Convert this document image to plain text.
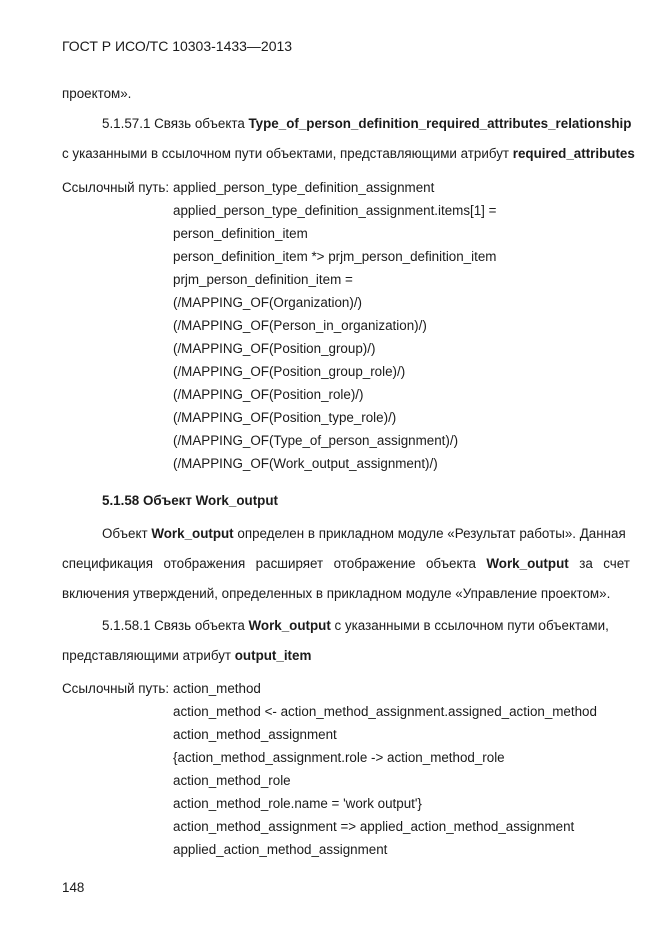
ГОСТ Р ИСО/ТС 10303-1433—2013
проектом».
5.1.57.1 Связь объекта Type_of_person_definition_required_attributes_relationship
с указанными в ссылочном пути объектами, представляющими атрибут required_attributes
Ссылочный путь: applied_person_type_definition_assignment
applied_person_type_definition_assignment.items[1] =
person_definition_item
person_definition_item *> prjm_person_definition_item
prjm_person_definition_item =
(/MAPPING_OF(Organization)/)
(/MAPPING_OF(Person_in_organization)/)
(/MAPPING_OF(Position_group)/)
(/MAPPING_OF(Position_group_role)/)
(/MAPPING_OF(Position_role)/)
(/MAPPING_OF(Position_type_role)/)
(/MAPPING_OF(Type_of_person_assignment)/)
(/MAPPING_OF(Work_output_assignment)/)
5.1.58 Объект Work_output
Объект Work_output определен в прикладном модуле «Результат работы». Данная
спецификация отображения расширяет отображение объекта Work_output за счет
включения утверждений, определенных в прикладном модуле «Управление проектом».
5.1.58.1 Связь объекта Work_output с указанными в ссылочном пути объектами,
представляющими атрибут output_item
Ссылочный путь: action_method
action_method <- action_method_assignment.assigned_action_method
action_method_assignment
{action_method_assignment.role -> action_method_role
action_method_role
action_method_role.name = 'work output'}
action_method_assignment => applied_action_method_assignment
applied_action_method_assignment
148
